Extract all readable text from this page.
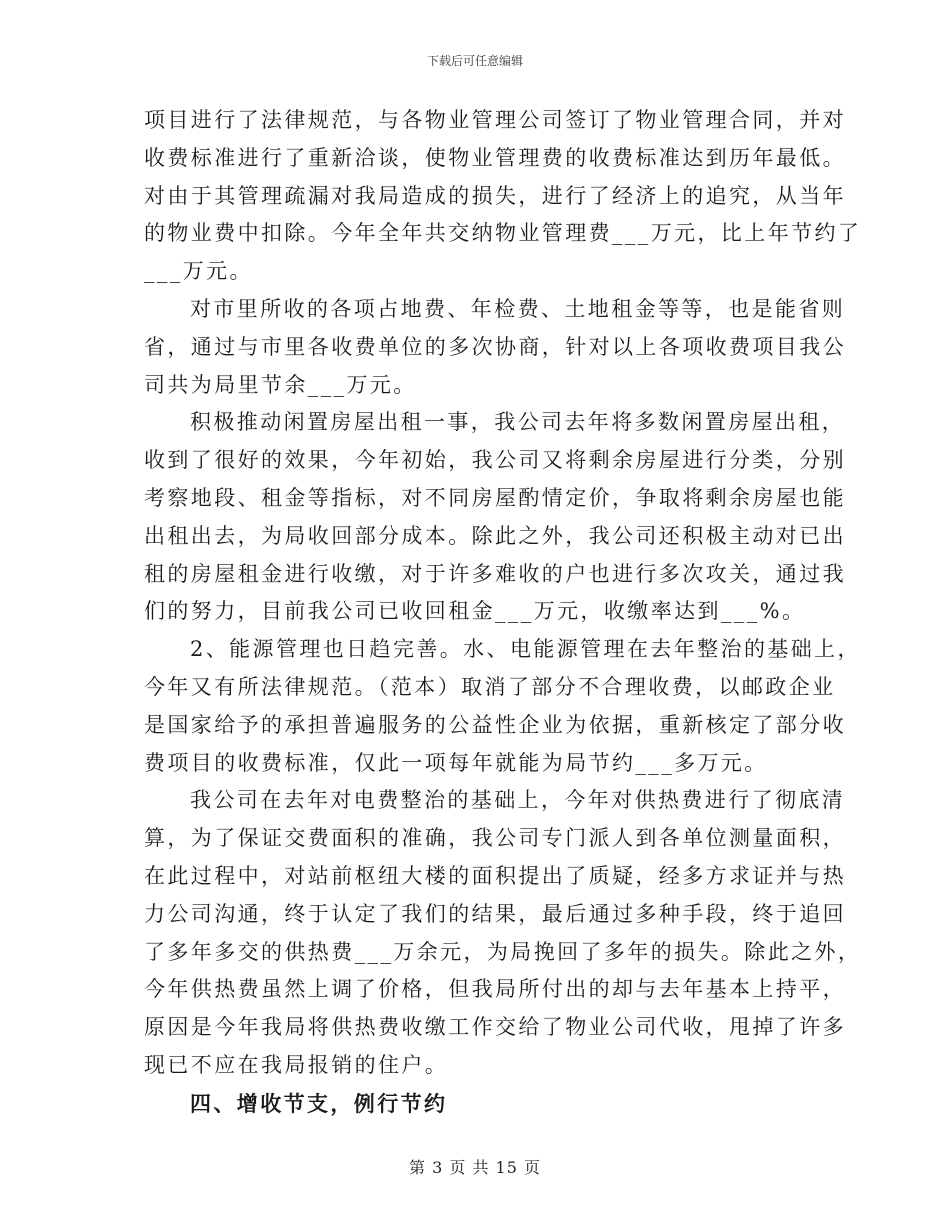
下载后可任意编辑
项目进行了法律规范，与各物业管理公司签订了物业管理合同，并对
收费标准进行了重新洽谈，使物业管理费的收费标准达到历年最低。
对由于其管理疏漏对我局造成的损失，进行了经济上的追究，从当年
的物业费中扣除。今年全年共交纳物业管理费___万元，比上年节约了
___万元。
对市里所收的各项占地费、年检费、土地租金等等，也是能省则
省，通过与市里各收费单位的多次协商，针对以上各项收费项目我公
司共为局里节余___万元。
积极推动闲置房屋出租一事，我公司去年将多数闲置房屋出租，
收到了很好的效果，今年初始，我公司又将剩余房屋进行分类，分别
考察地段、租金等指标，对不同房屋酌情定价，争取将剩余房屋也能
出租出去，为局收回部分成本。除此之外，我公司还积极主动对已出
租的房屋租金进行收缴，对于许多难收的户也进行多次攻关，通过我
们的努力，目前我公司已收回租金___万元，收缴率达到___%。
2、能源管理也日趋完善。水、电能源管理在去年整治的基础上，
今年又有所法律规范。（范本）取消了部分不合理收费，以邮政企业
是国家给予的承担普遍服务的公益性企业为依据，重新核定了部分收
费项目的收费标准，仅此一项每年就能为局节约___多万元。
我公司在去年对电费整治的基础上，今年对供热费进行了彻底清
算，为了保证交费面积的准确，我公司专门派人到各单位测量面积，
在此过程中，对站前枢纽大楼的面积提出了质疑，经多方求证并与热
力公司沟通，终于认定了我们的结果，最后通过多种手段，终于追回
了多年多交的供热费___万余元，为局挽回了多年的损失。除此之外，
今年供热费虽然上调了价格，但我局所付出的却与去年基本上持平，
原因是今年我局将供热费收缴工作交给了物业公司代收，甩掉了许多
现已不应在我局报销的住户。
四、增收节支，例行节约
第 3 页 共 15 页
